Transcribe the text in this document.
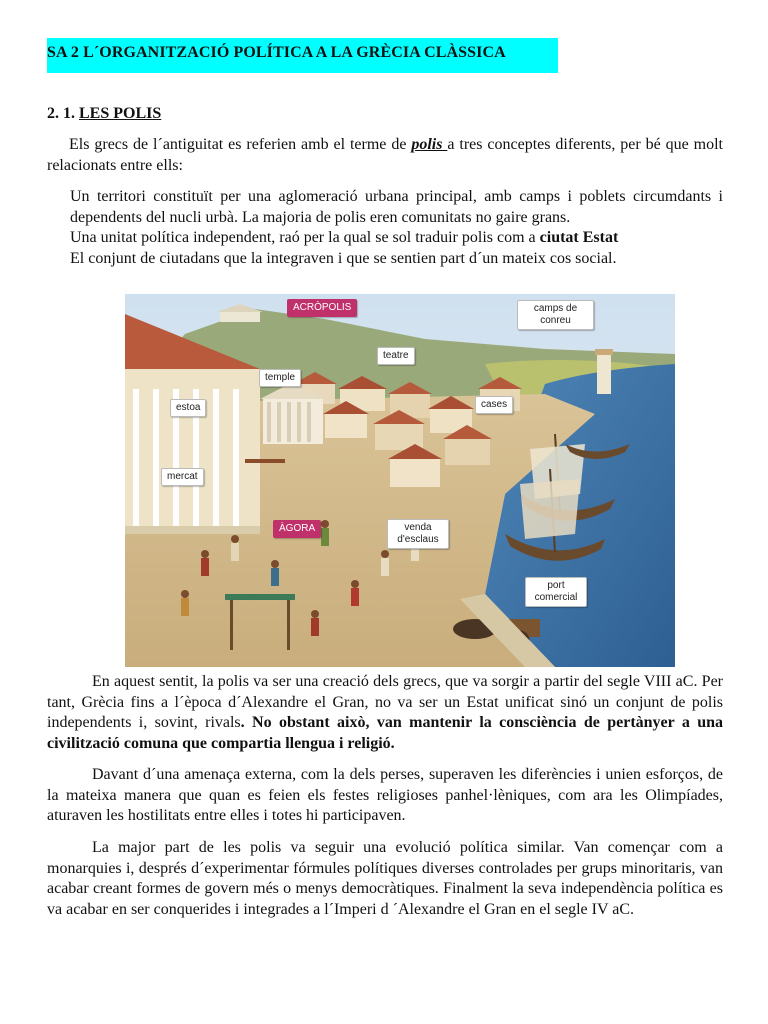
SA 2 L´ORGANITZACIÓ POLÍTICA A LA GRÈCIA CLÀSSICA
2. 1. LES POLIS

Els grecs de l´antiguitat es referien amb el terme de polis a tres conceptes diferents, per bé que molt relacionats entre ells:

Un territori constituït per una aglomeració urbana principal, amb camps i poblets circumdants i dependents del nucli urbà. La majoria de polis eren comunitats no gaire grans.

Una unitat política independent, raó per la qual se sol traduir polis com a ciutat Estat

El conjunt de ciutadans que la integraven i que se sentien part d´un mateix cos social.

ACRÒPOLIS	camps de conreu
teatre
temple
estoa	cases
mercat
ÀGORA	venda d'esclaus
port comercial

En aquest sentit, la polis va ser una creació dels grecs, que va sorgir a partir del segle VIII aC. Per tant, Grècia fins a l´època d´Alexandre el Gran, no va ser un Estat unificat sinó un conjunt de polis independents i, sovint, rivals. No obstant això, van mantenir la consciència de pertànyer a una civilització comuna que compartia llengua i religió.

Davant d´una amenaça externa, com la dels perses, superaven les diferències i unien esforços, de la mateixa manera que quan es feien els festes religioses panhel·lèniques, com ara les Olimpíades, aturaven les hostilitats entre elles i totes hi participaven.

La major part de les polis va seguir una evolució política similar. Van començar com a monarquies i, després d´experimentar fórmules polítiques diverses controlades per grups minoritaris, van acabar creant formes de govern més o menys democràtiques. Finalment la seva independència política es va acabar en ser conquerides i integrades a l´Imperi d ´Alexandre el Gran en el segle IV aC.
